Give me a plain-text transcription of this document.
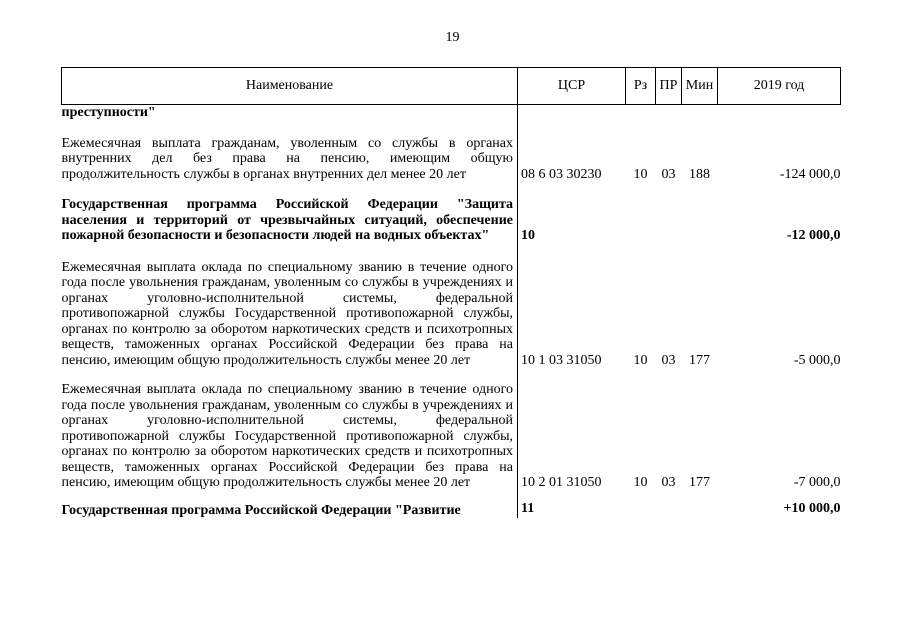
19
Наименование	ЦСР	Рз	ПР	Мин	2019 год
преступности"					
Ежемесячная выплата гражданам, уволенным со службы в органах внутренних дел без права на пенсию, имеющим общую продолжительность службы в органах внутренних дел менее 20 лет	08 6 03 30230	10	03	188	-124 000,0
Государственная программа Российской Федерации "Защита населения и территорий от чрезвычайных ситуаций, обеспечение пожарной безопасности и безопасности людей на водных объектах"	10				-12 000,0
Ежемесячная выплата оклада по специальному званию в течение одного года после увольнения гражданам, уволенным со службы в учреждениях и органах уголовно-исполнительной системы, федеральной противопожарной службы Государственной противопожарной службы, органах по контролю за оборотом наркотических средств и психотропных веществ, таможенных органах Российской Федерации без права на пенсию, имеющим общую продолжительность службы менее 20 лет	10 1 03 31050	10	03	177	-5 000,0
Ежемесячная выплата оклада по специальному званию в течение одного года после увольнения гражданам, уволенным со службы в учреждениях и органах уголовно-исполнительной системы, федеральной противопожарной службы Государственной противопожарной службы, органах по контролю за оборотом наркотических средств и психотропных веществ, таможенных органах Российской Федерации без права на пенсию, имеющим общую продолжительность службы менее 20 лет	10 2 01 31050	10	03	177	-7 000,0
Государственная программа Российской Федерации "Развитие	11				+10 000,0
